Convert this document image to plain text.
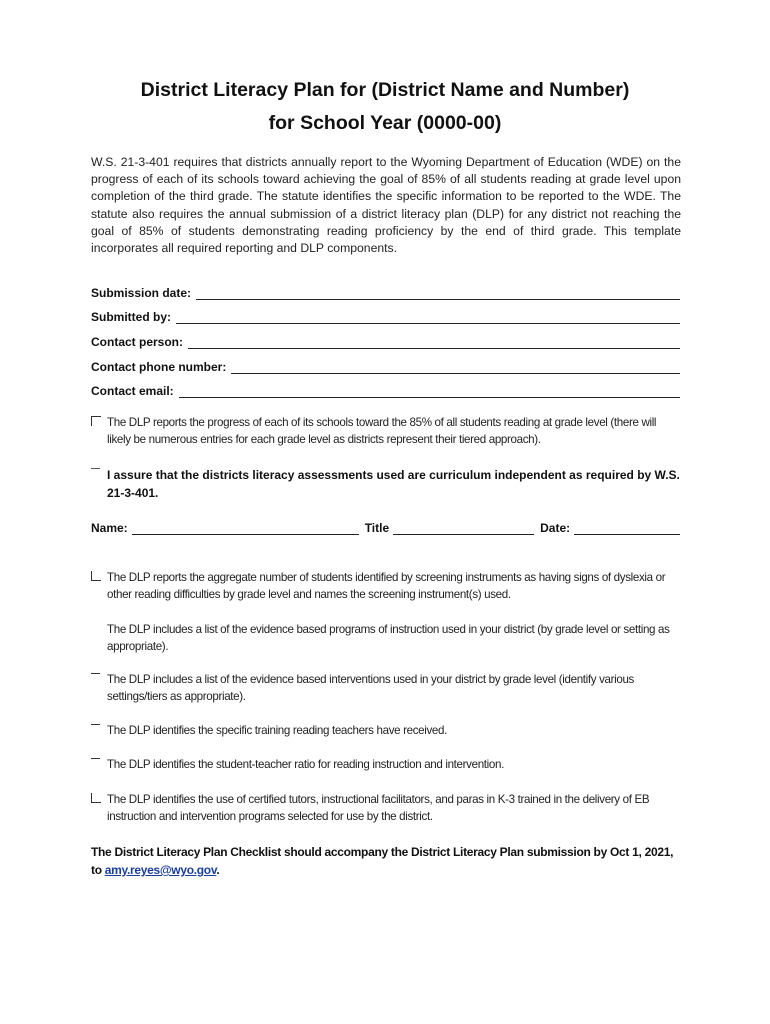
District Literacy Plan for (District Name and Number)
for School Year (0000-00)
W.S. 21-3-401 requires that districts annually report to the Wyoming Department of Education (WDE) on the progress of each of its schools toward achieving the goal of 85% of all students reading at grade level upon completion of the third grade. The statute identifies the specific information to be reported to the WDE. The statute also requires the annual submission of a district literacy plan (DLP) for any district not reaching the goal of 85% of students demonstrating reading proficiency by the end of third grade. This template incorporates all required reporting and DLP components.
Submission date:
Submitted by:
Contact person:
Contact phone number:
Contact email:
The DLP reports the progress of each of its schools toward the 85% of all students reading at grade level (there will likely be numerous entries for each grade level as districts represent their tiered approach).
I assure that the districts literacy assessments used are curriculum independent as required by W.S. 21-3-401.
Name:	Title	Date:
The DLP reports the aggregate number of students identified by screening instruments as having signs of dyslexia or other reading difficulties by grade level and names the screening instrument(s) used.
The DLP includes a list of the evidence based programs of instruction used in your district (by grade level or setting as appropriate).
The DLP includes a list of the evidence based interventions used in your district by grade level (identify various settings/tiers as appropriate).
The DLP identifies the specific training reading teachers have received.
The DLP identifies the student-teacher ratio for reading instruction and intervention.
The DLP identifies the use of certified tutors, instructional facilitators, and paras in K-3 trained in the delivery of EB instruction and intervention programs selected for use by the district.
The District Literacy Plan Checklist should accompany the District Literacy Plan submission by Oct 1, 2021, to amy.reyes@wyo.gov.
